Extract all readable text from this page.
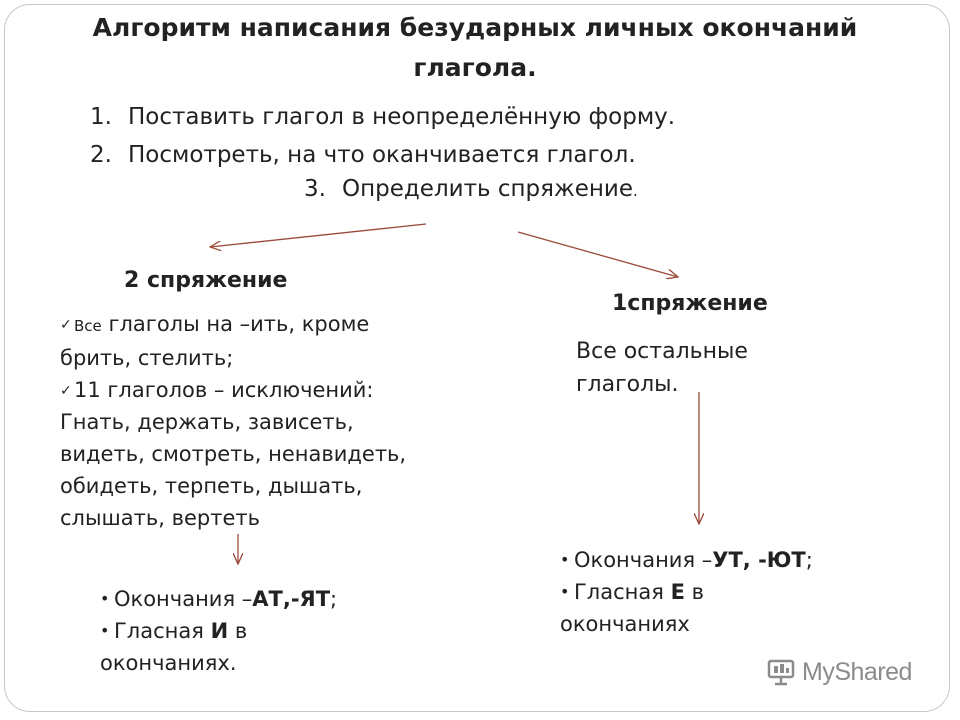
Алгоритм написания безударных личных окончаний
глагола.
1. Поставить глагол в неопределённую форму.
2. Посмотреть, на что оканчивается глагол.
3. Определить спряжение.
2 спряжение
✓ Все глаголы на –ить, кроме
брить, стелить;
✓ 11 глаголов – исключений:
Гнать, держать, зависеть,
видеть, смотреть, ненавидеть,
обидеть, терпеть, дышать,
слышать, вертеть
• Окончания –АТ,-ЯТ;
• Гласная И в
окончаниях.
1спряжение
Все остальные
глаголы.
• Окончания –УТ, -ЮТ;
• Гласная Е в
окончаниях
MyShared
